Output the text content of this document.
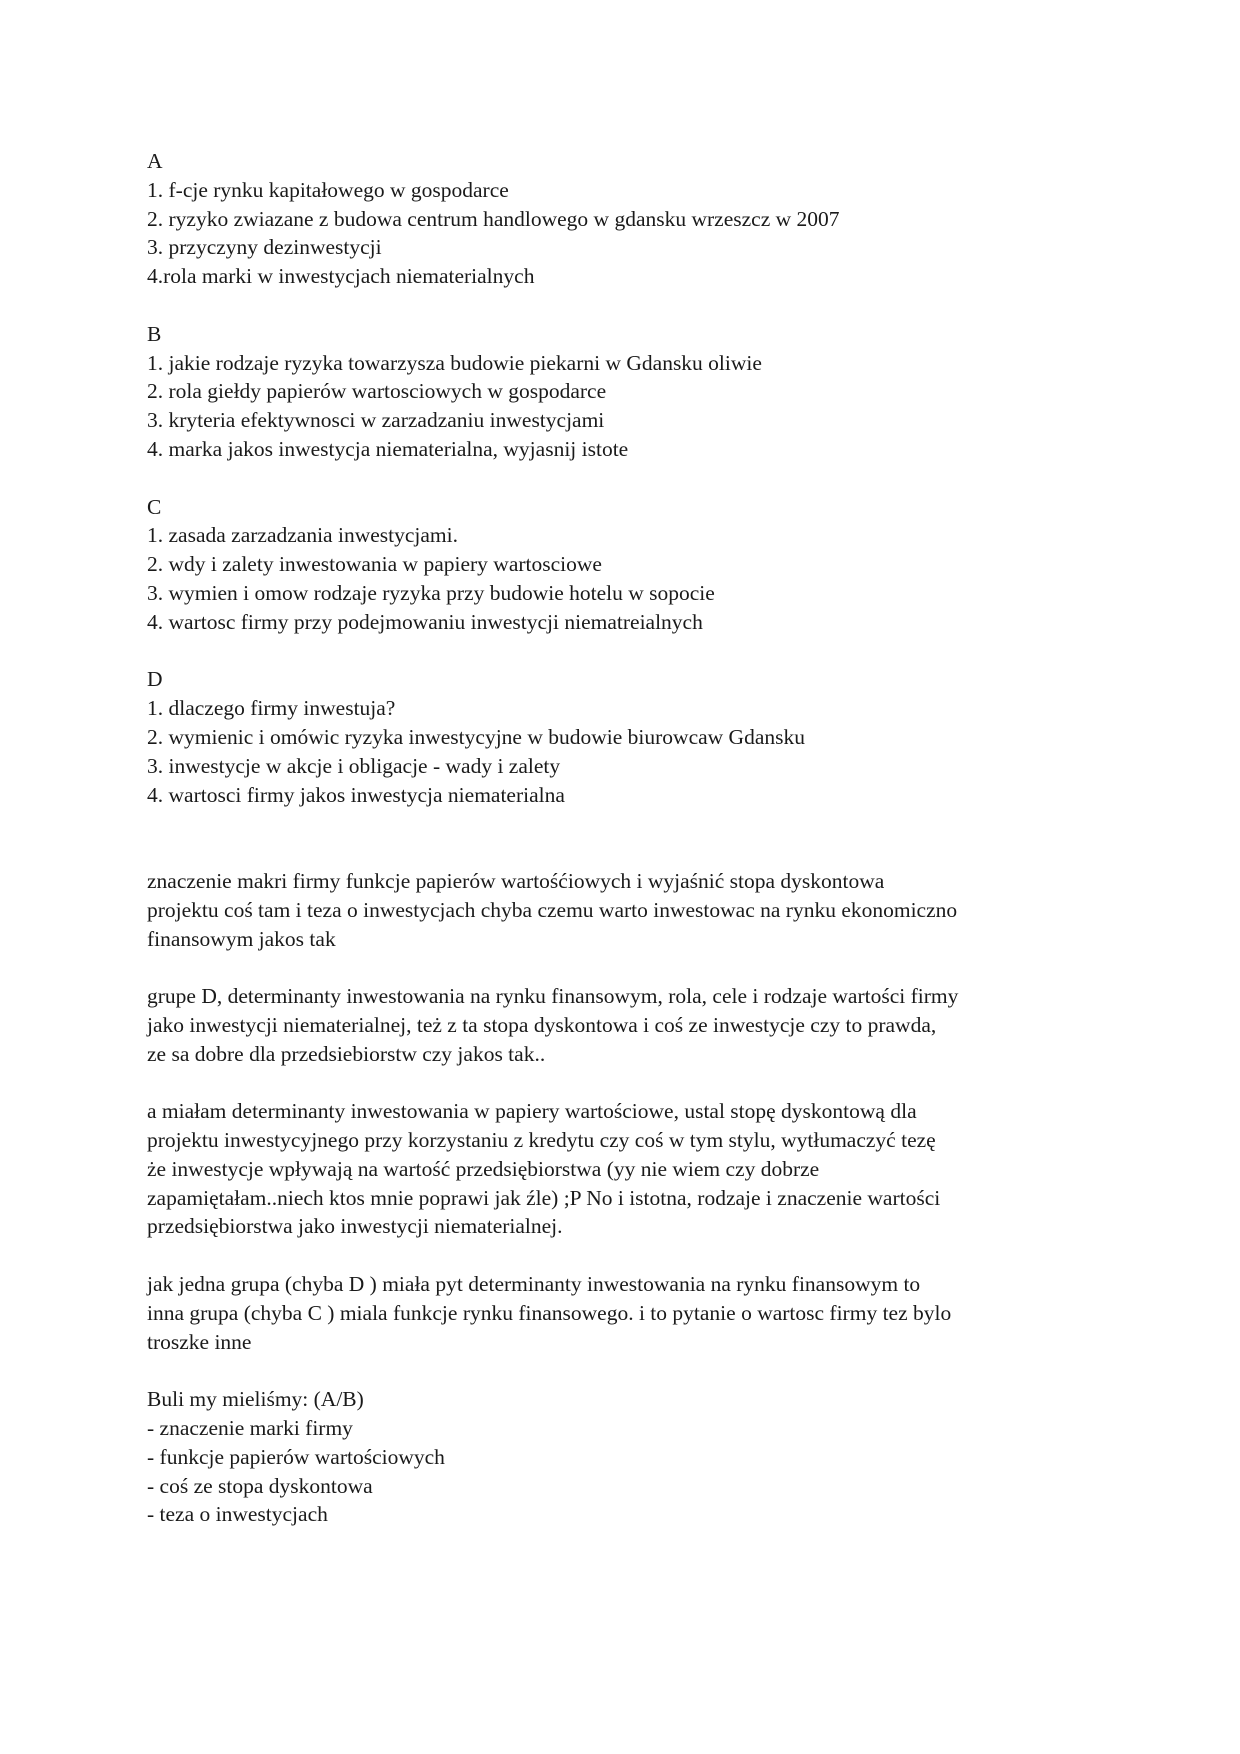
A
1. f-cje rynku kapitałowego w gospodarce
2. ryzyko zwiazane z budowa centrum handlowego w gdansku wrzeszcz w 2007
3. przyczyny dezinwestycji
4.rola marki w inwestycjach niematerialnych
B
1. jakie rodzaje ryzyka towarzysza budowie piekarni w Gdansku oliwie
2. rola giełdy papierów wartosciowych w gospodarce
3. kryteria efektywnosci w zarzadzaniu inwestycjami
4. marka jakos inwestycja niematerialna, wyjasnij istote
C
1. zasada zarzadzania inwestycjami.
2. wdy i zalety inwestowania w papiery wartosciowe
3. wymien i omow rodzaje ryzyka przy budowie hotelu w sopocie
4. wartosc firmy przy podejmowaniu inwestycji niematreialnych
D
1. dlaczego firmy inwestuja?
2. wymienic i omówic ryzyka inwestycyjne w budowie biurowcaw Gdansku
3. inwestycje w akcje i obligacje - wady i zalety
4. wartosci firmy jakos inwestycja niematerialna
znaczenie makri firmy funkcje papierów wartośćiowych i wyjaśnić stopa dyskontowa
projektu coś tam i teza o inwestycjach chyba czemu warto inwestowac na rynku ekonomiczno
finansowym jakos tak
grupe D, determinanty inwestowania na rynku finansowym, rola, cele i rodzaje wartości firmy
jako inwestycji niematerialnej, też z ta stopa dyskontowa i coś ze inwestycje czy to prawda,
ze sa dobre dla przedsiebiorstw czy jakos tak..
a miałam determinanty inwestowania w papiery wartościowe, ustal stopę dyskontową dla
projektu inwestycyjnego przy korzystaniu z kredytu czy coś w tym stylu, wytłumaczyć tezę
że inwestycje wpływają na wartość przedsiębiorstwa (yy nie wiem czy dobrze
zapamiętałam..niech ktos mnie poprawi jak źle) ;P No i istotna, rodzaje i znaczenie wartości
przedsiębiorstwa jako inwestycji niematerialnej.
jak jedna grupa (chyba D ) miała pyt determinanty inwestowania na rynku finansowym to
inna grupa (chyba C ) miala funkcje rynku finansowego. i to pytanie o wartosc firmy tez bylo
troszke inne
Buli my mieliśmy: (A/B)
- znaczenie marki firmy
- funkcje papierów wartościowych
- coś ze stopa dyskontowa
- teza o inwestycjach
